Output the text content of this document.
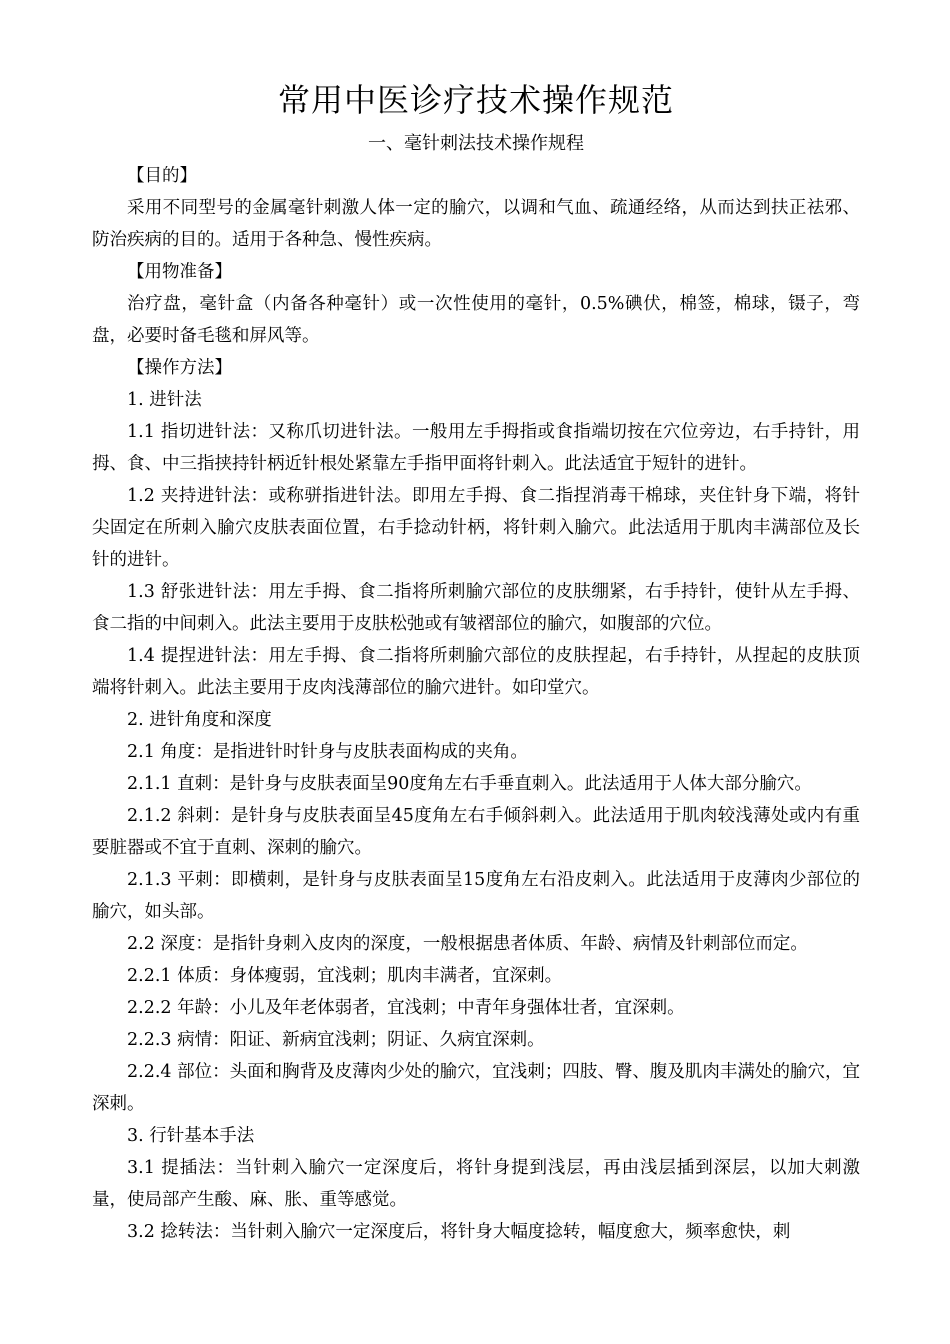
常用中医诊疗技术操作规范
一、毫针刺法技术操作规程

【目的】

采用不同型号的金属毫针刺激人体一定的腧穴，以调和气血、疏通经络，从而达到扶正祛邪、防治疾病的目的。适用于各种急、慢性疾病。

【用物准备】

治疗盘，毫针盒（内备各种毫针）或一次性使用的毫针，0.5%碘伏，棉签，棉球，镊子，弯盘，必要时备毛毯和屏风等。

【操作方法】

1. 进针法

1.1 指切进针法：又称爪切进针法。一般用左手拇指或食指端切按在穴位旁边，右手持针，用拇、食、中三指挟持针柄近针根处紧靠左手指甲面将针刺入。此法适宜于短针的进针。

1.2 夹持进针法：或称骈指进针法。即用左手拇、食二指捏消毒干棉球，夹住针身下端，将针尖固定在所刺入腧穴皮肤表面位置，右手捻动针柄，将针刺入腧穴。此法适用于肌肉丰满部位及长针的进针。

1.3 舒张进针法：用左手拇、食二指将所刺腧穴部位的皮肤绷紧，右手持针，使针从左手拇、食二指的中间刺入。此法主要用于皮肤松弛或有皱褶部位的腧穴，如腹部的穴位。

1.4 提捏进针法：用左手拇、食二指将所刺腧穴部位的皮肤捏起，右手持针，从捏起的皮肤顶端将针刺入。此法主要用于皮肉浅薄部位的腧穴进针。如印堂穴。

2. 进针角度和深度

2.1 角度：是指进针时针身与皮肤表面构成的夹角。

2.1.1 直刺：是针身与皮肤表面呈90度角左右手垂直刺入。此法适用于人体大部分腧穴。

2.1.2 斜刺：是针身与皮肤表面呈45度角左右手倾斜刺入。此法适用于肌肉较浅薄处或内有重要脏器或不宜于直刺、深刺的腧穴。

2.1.3 平刺：即横刺，是针身与皮肤表面呈15度角左右沿皮刺入。此法适用于皮薄肉少部位的腧穴，如头部。

2.2 深度：是指针身刺入皮肉的深度，一般根据患者体质、年龄、病情及针刺部位而定。

2.2.1 体质：身体瘦弱，宜浅刺；肌肉丰满者，宜深刺。

2.2.2 年龄：小儿及年老体弱者，宜浅刺；中青年身强体壮者，宜深刺。

2.2.3 病情：阳证、新病宜浅刺；阴证、久病宜深刺。

2.2.4 部位：头面和胸背及皮薄肉少处的腧穴，宜浅刺；四肢、臀、腹及肌肉丰满处的腧穴，宜深刺。

3. 行针基本手法

3.1 提插法：当针刺入腧穴一定深度后，将针身提到浅层，再由浅层插到深层，以加大刺激量，使局部产生酸、麻、胀、重等感觉。

3.2 捻转法：当针刺入腧穴一定深度后，将针身大幅度捻转，幅度愈大，频率愈快，刺
